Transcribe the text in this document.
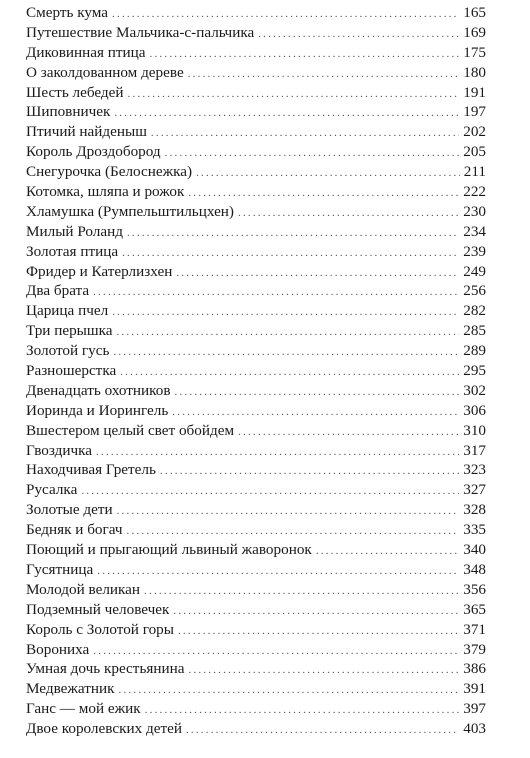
Смерть кума .....	165
Путешествие Мальчика-с-пальчика .....	169
Диковинная птица .....	175
О заколдованном дереве .....	180
Шесть лебедей .....	191
Шиповничек .....	197
Птичий найденыш .....	202
Король Дроздобород .....	205
Снегурочка (Белоснежка) .....	211
Котомка, шляпа и рожок .....	222
Хламушка (Румпельштильцхен) .....	230
Милый Роланд .....	234
Золотая птица .....	239
Фридер и Катерлизхен .....	249
Два брата .....	256
Царица пчел .....	282
Три перышка .....	285
Золотой гусь .....	289
Разношерстка .....	295
Двенадцать охотников .....	302
Иоринда и Иорингель .....	306
Вшестером целый свет обойдем .....	310
Гвоздичка .....	317
Находчивая Гретель .....	323
Русалка .....	327
Золотые дети .....	328
Бедняк и богач .....	335
Поющий и прыгающий львиный жаворонок .....	340
Гусятница .....	348
Молодой великан .....	356
Подземный человечек .....	365
Король с Золотой горы .....	371
Ворониха .....	379
Умная дочь крестьянина .....	386
Медвежатник .....	391
Ганс — мой ежик .....	397
Двое королевских детей .....	403
